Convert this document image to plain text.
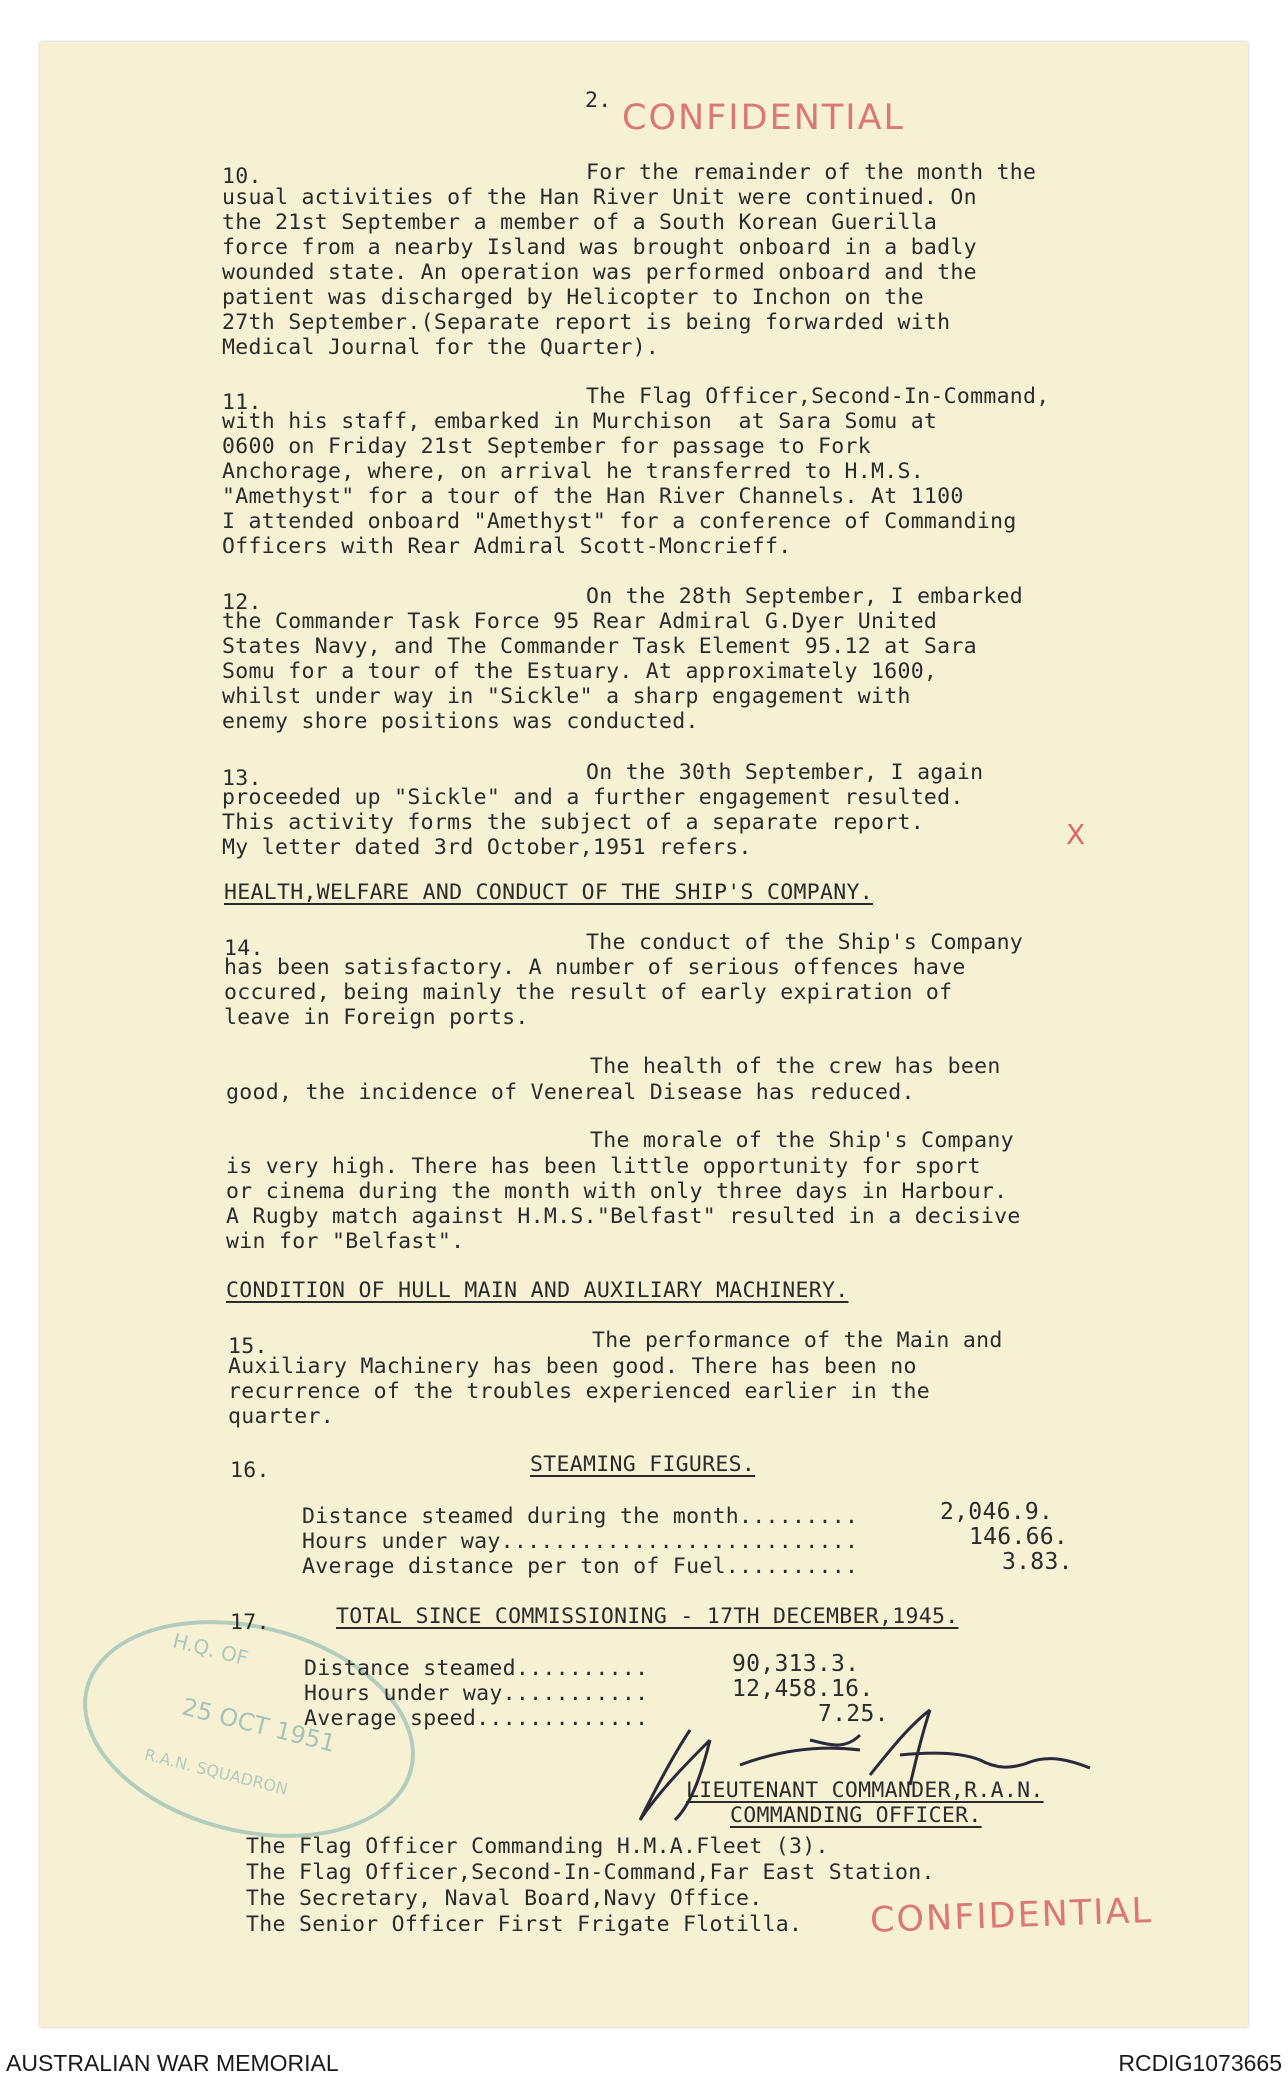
2. CONFIDENTIAL
10.	For the remainder of the month the
usual activities of the Han River Unit were continued. On
the 21st September a member of a South Korean Guerilla
force from a nearby Island was brought onboard in a badly
wounded state. An operation was performed onboard and the
patient was discharged by Helicopter to Inchon on the
27th September.(Separate report is being forwarded with
Medical Journal for the Quarter).
11.	The Flag Officer,Second-In-Command,
with his staff, embarked in Murchison  at Sara Somu at
0600 on Friday 21st September for passage to Fork
Anchorage, where, on arrival he transferred to H.M.S.
"Amethyst" for a tour of the Han River Channels. At 1100
I attended onboard "Amethyst" for a conference of Commanding
Officers with Rear Admiral Scott-Moncrieff.
12.	On the 28th September, I embarked
the Commander Task Force 95 Rear Admiral G.Dyer United
States Navy, and The Commander Task Element 95.12 at Sara
Somu for a tour of the Estuary. At approximately 1600,
whilst under way in "Sickle" a sharp engagement with
enemy shore positions was conducted.
13.	On the 30th September, I again
proceeded up "Sickle" and a further engagement resulted.
This activity forms the subject of a separate report.
My letter dated 3rd October,1951 refers.	X
HEALTH,WELFARE AND CONDUCT OF THE SHIP'S COMPANY.
14.	The conduct of the Ship's Company
has been satisfactory. A number of serious offences have
occured, being mainly the result of early expiration of
leave in Foreign ports.
The health of the crew has been
good, the incidence of Venereal Disease has reduced.
The morale of the Ship's Company
is very high. There has been little opportunity for sport
or cinema during the month with only three days in Harbour.
A Rugby match against H.M.S."Belfast" resulted in a decisive
win for "Belfast".
CONDITION OF HULL MAIN AND AUXILIARY MACHINERY.
15.	The performance of the Main and
Auxiliary Machinery has been good. There has been no
recurrence of the troubles experienced earlier in the
quarter.
16.	STEAMING FIGURES.
Distance steamed during the month.........	2,046.9.
Hours under way...........................	146.66.
Average distance per ton of Fuel..........	3.83.
H.Q. OF
25 OCT 1951
R.A.N. SQUADRON
17.	TOTAL SINCE COMMISSIONING - 17TH DECEMBER,1945.
Distance steamed..........	90,313.3.
Hours under way...........	12,458.16.
Average speed.............	7.25.
LIEUTENANT COMMANDER,R.A.N.
COMMANDING OFFICER.
The Flag Officer Commanding H.M.A.Fleet (3).
The Flag Officer,Second-In-Command,Far East Station.
The Secretary, Naval Board,Navy Office.
The Senior Officer First Frigate Flotilla. CONFIDENTIAL
AUSTRALIAN WAR MEMORIAL	RCDIG1073665
